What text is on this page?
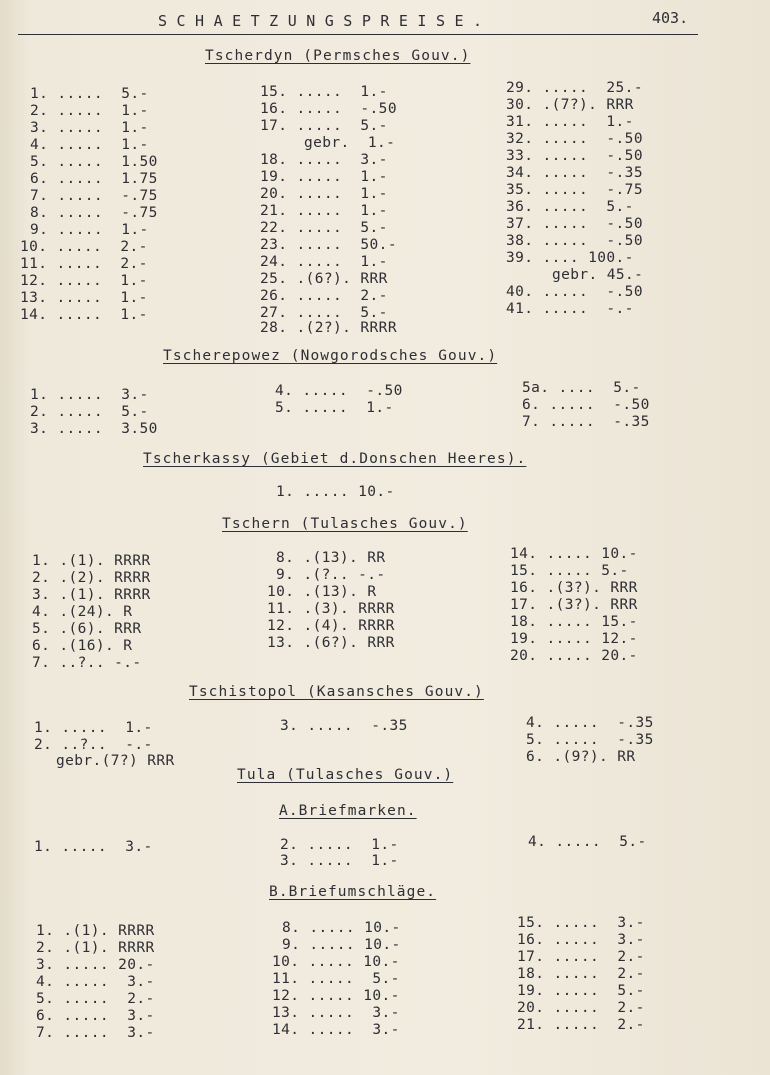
SCHAETZUNGSPREISE.	403.
Tscherdyn (Permsches Gouv.)
1. .....  5.-
2. .....  1.-
3. .....  1.-
4. .....  1.-
5. .....  1.50
6. .....  1.75
7. .....  -.75
8. .....  -.75
9. .....  1.-
10. .....  2.-
11. .....  2.-
12. .....  1.-
13. .....  1.-
14. .....  1.-
15. .....  1.-
16. .....  -.50
17. .....  5.-
gebr.  1.-
18. .....  3.-
19. .....  1.-
20. .....  1.-
21. .....  1.-
22. .....  5.-
23. .....  50.-
24. .....  1.-
25. .(6?). RRR
26. .....  2.-
27. .....  5.-
28. .(2?). RRRR
29. .....  25.-
30. .(7?). RRR
31. .....  1.-
32. .....  -.50
33. .....  -.50
34. .....  -.35
35. .....  -.75
36. .....  5.-
37. .....  -.50
38. .....  -.50
39. .... 100.-
gebr. 45.-
40. .....  -.50
41. .....  -.-
Tscherepowez (Nowgorodsches Gouv.)
1. .....  3.-
2. .....  5.-
3. .....  3.50
4. .....  -.50
5. .....  1.-
5a. ....  5.-
6. .....  -.50
7. .....  -.35
Tscherkassy (Gebiet d.Donschen Heeres).
1. ..... 10.-
Tschern (Tulasches Gouv.)
1. .(1). RRRR
2. .(2). RRRR
3. .(1). RRRR
4. .(24). R
5. .(6). RRR
6. .(16). R
7. ..?.. -.-
8. .(13). RR
9. .(?.. -.-
10. .(13). R
11. .(3). RRRR
12. .(4). RRRR
13. .(6?). RRR
14. ..... 10.-
15. ..... 5.-
16. .(3?). RRR
17. .(3?). RRR
18. ..... 15.-
19. ..... 12.-
20. ..... 20.-
Tschistopol (Kasansches Gouv.)
1. .....  1.-
2. ..?..  -.-
gebr.(7?) RRR
3. .....  -.35	4. .....  -.35
5. .....  -.35
6. .(9?). RR
Tula (Tulasches Gouv.)
A.Briefmarken.
1. .....  3.-	2. .....  1.-
3. .....  1.-
4. .....  5.-
B.Briefumschläge.
1. .(1). RRRR
2. .(1). RRRR
3. ..... 20.-
4. .....  3.-
5. .....  2.-
6. .....  3.-
7. .....  3.-
8. ..... 10.-
9. ..... 10.-
10. ..... 10.-
11. .....  5.-
12. ..... 10.-
13. .....  3.-
14. .....  3.-
15. .....  3.-
16. .....  3.-
17. .....  2.-
18. .....  2.-
19. .....  5.-
20. .....  2.-
21. .....  2.-
